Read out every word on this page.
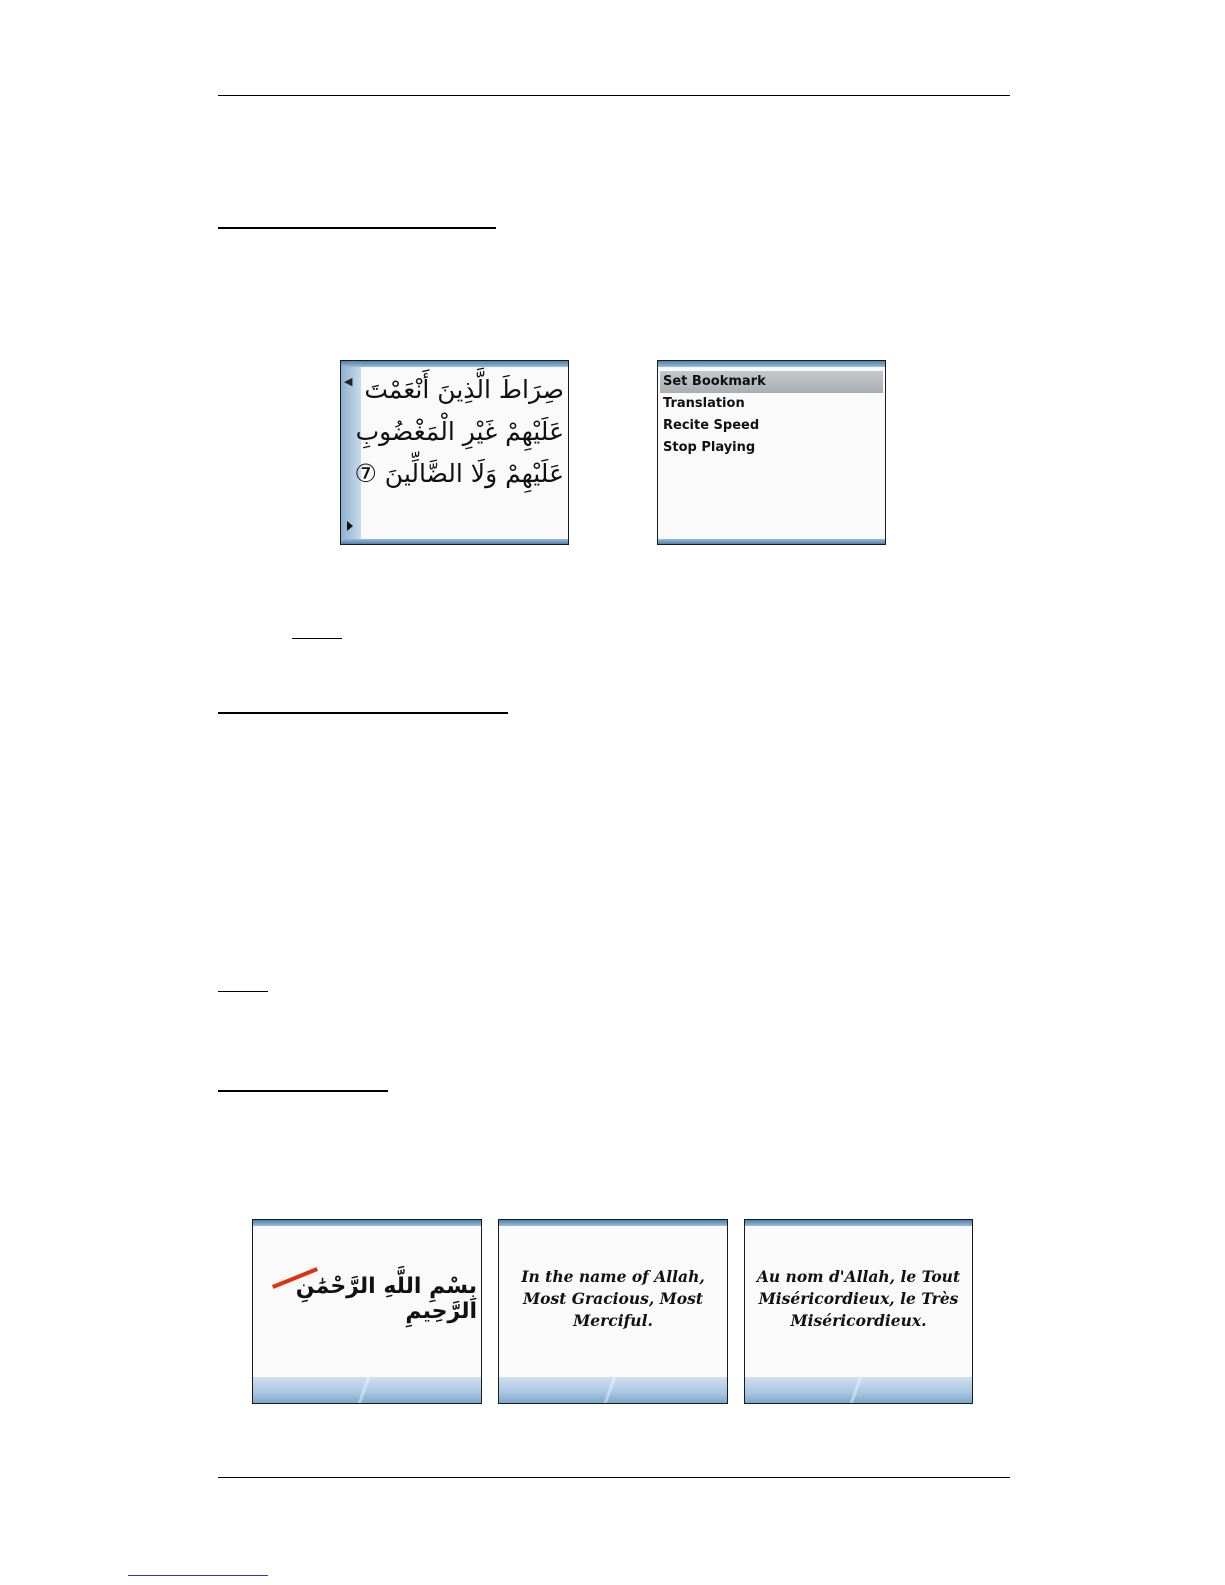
◀ صِرَاطَ الَّذِينَ أَنْعَمْتَ
عَلَيْهِمْ غَيْرِ الْمَغْضُوبِ
عَلَيْهِمْ وَلَا الضَّالِّينَ ⑦
Set Bookmark
Translation
Recite Speed
Stop Playing
بِسْمِ اللَّهِ الرَّحْمَٰنِ الرَّحِيمِ
In the name of Allah, Most Gracious, Most Merciful.
Au nom d'Allah, le Tout Miséricordieux, le Très Miséricordieux.
